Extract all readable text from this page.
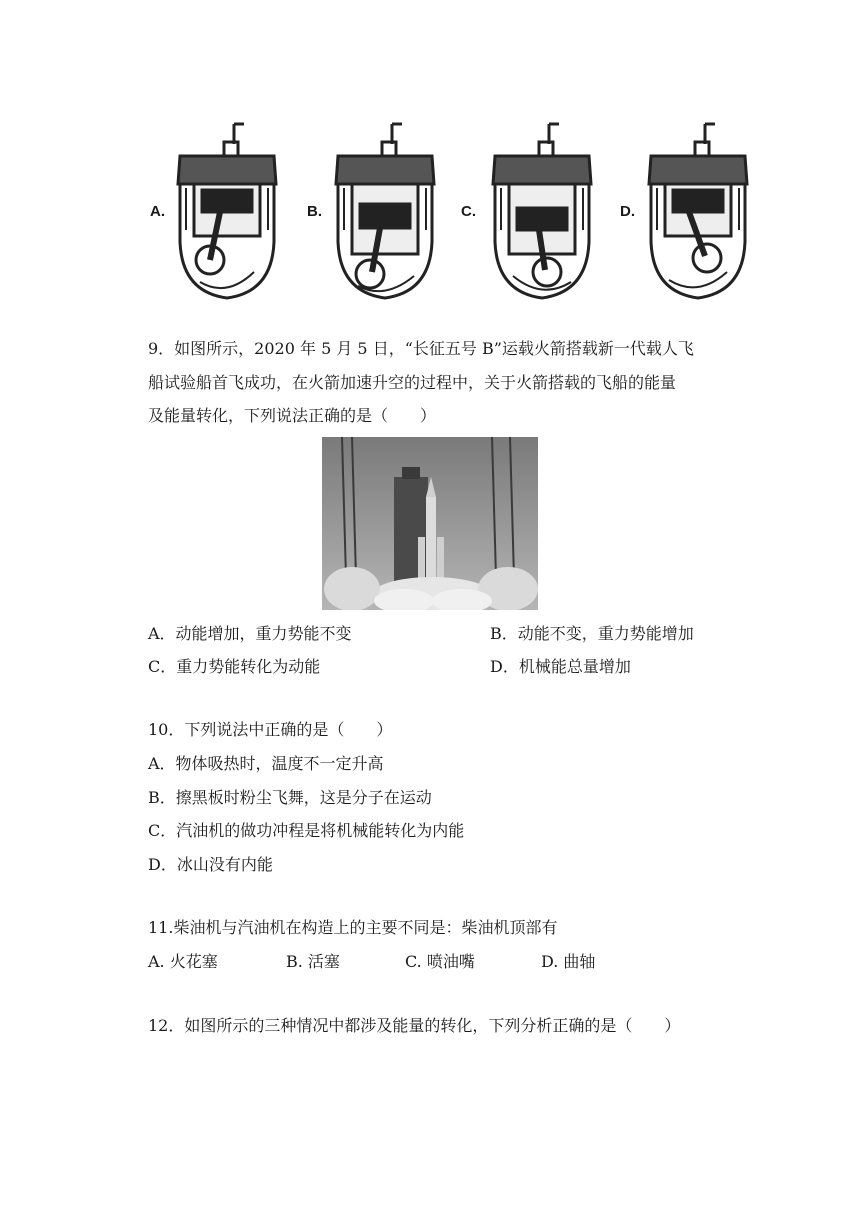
A.	B.	C.	D.
9．如图所示，2020 年 5 月 5 日，“长征五号 B”运载火箭搭载新一代载人飞
船试验船首飞成功，在火箭加速升空的过程中，关于火箭搭载的飞船的能量
及能量转化，下列说法正确的是（　　）
A．动能增加，重力势能不变	B．动能不变，重力势能增加
C．重力势能转化为动能	D．机械能总量增加
10．下列说法中正确的是（　　）
A．物体吸热时，温度不一定升高
B．擦黑板时粉尘飞舞，这是分子在运动
C．汽油机的做功冲程是将机械能转化为内能
D．冰山没有内能
11.柴油机与汽油机在构造上的主要不同是：柴油机顶部有
A. 火花塞	B. 活塞	C. 喷油嘴	D. 曲轴
12．如图所示的三种情况中都涉及能量的转化，下列分析正确的是（　　）
